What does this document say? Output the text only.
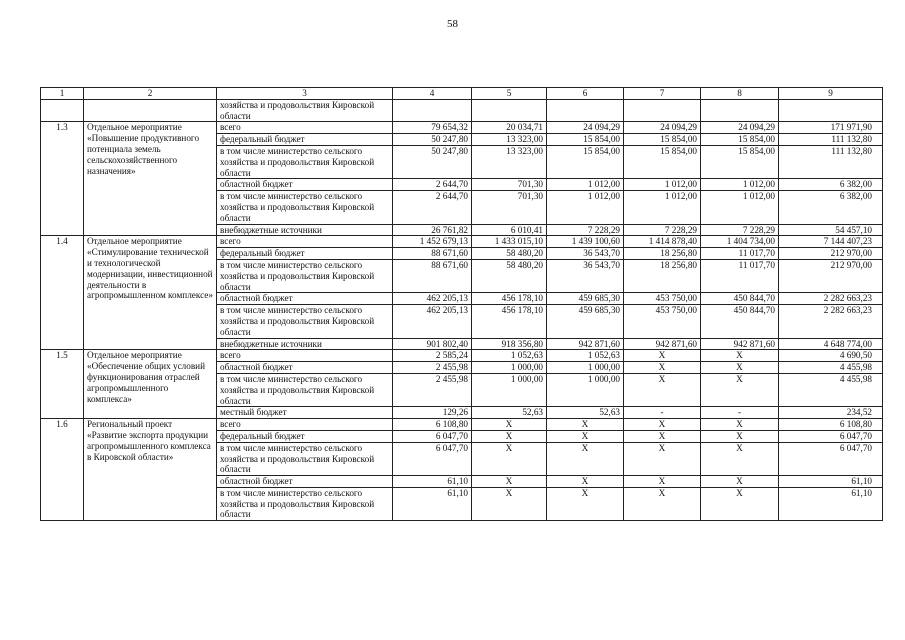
58
1	2	3	4	5	6	7	8	9
		хозяйства и продовольствия Кировской области						
1.3	Отдельное мероприятие «Повышение продуктивного потенциала земель сельскохозяйственного назначения»	всего	79 654,32	20 034,71	24 094,29	24 094,29	24 094,29	171 971,90
		федеральный бюджет	50 247,80	13 323,00	15 854,00	15 854,00	15 854,00	111 132,80
		в том числе министерство сельского хозяйства и продовольствия Кировской области	50 247,80	13 323,00	15 854,00	15 854,00	15 854,00	111 132,80
		областной бюджет	2 644,70	701,30	1 012,00	1 012,00	1 012,00	6 382,00
		в том числе министерство сельского хозяйства и продовольствия Кировской области	2 644,70	701,30	1 012,00	1 012,00	1 012,00	6 382,00
		внебюджетные источники	26 761,82	6 010,41	7 228,29	7 228,29	7 228,29	54 457,10
1.4	Отдельное мероприятие «Стимулирование технической и технологической модернизации, инвестиционной деятельности в агропромышленном комплексе»	всего	1 452 679,13	1 433 015,10	1 439 100,60	1 414 878,40	1 404 734,00	7 144 407,23
		федеральный бюджет	88 671,60	58 480,20	36 543,70	18 256,80	11 017,70	212 970,00
		в том числе министерство сельского хозяйства и продовольствия Кировской области	88 671,60	58 480,20	36 543,70	18 256,80	11 017,70	212 970,00
		областной бюджет	462 205,13	456 178,10	459 685,30	453 750,00	450 844,70	2 282 663,23
		в том числе министерство сельского хозяйства и продовольствия Кировской области	462 205,13	456 178,10	459 685,30	453 750,00	450 844,70	2 282 663,23
		внебюджетные источники	901 802,40	918 356,80	942 871,60	942 871,60	942 871,60	4 648 774,00
1.5	Отдельное мероприятие «Обеспечение общих условий функционирования отраслей агропромышленного комплекса»	всего	2 585,24	1 052,63	1 052,63	X	X	4 690,50
		областной бюджет	2 455,98	1 000,00	1 000,00	X	X	4 455,98
		в том числе министерство сельского хозяйства и продовольствия Кировской области	2 455,98	1 000,00	1 000,00	X	X	4 455,98
		местный бюджет	129,26	52,63	52,63	-	-	234,52
1.6	Региональный проект «Развитие экспорта продукции агропромышленного комплекса в Кировской области»	всего	6 108,80	X	X	X	X	6 108,80
		федеральный бюджет	6 047,70	X	X	X	X	6 047,70
		в том числе министерство сельского хозяйства и продовольствия Кировской области	6 047,70	X	X	X	X	6 047,70
		областной бюджет	61,10	X	X	X	X	61,10
		в том числе министерство сельского хозяйства и продовольствия Кировской области	61,10	X	X	X	X	61,10
